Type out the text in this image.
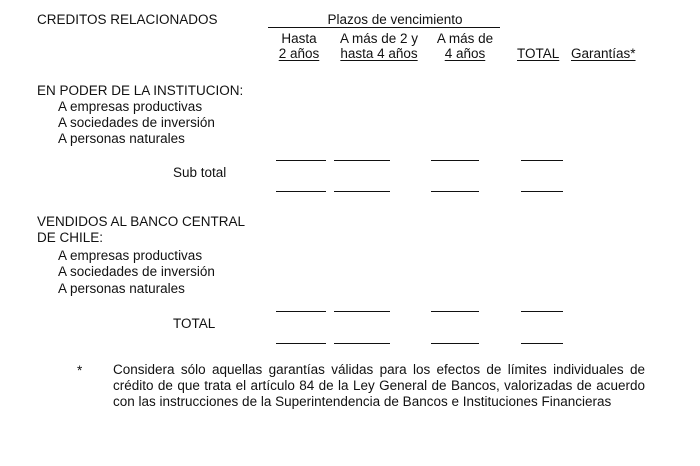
CREDITOS RELACIONADOS	Plazos de vencimiento
Hasta
2 años
A más de 2 y
hasta 4 años
A más de
4 años	TOTAL Garantías*
EN PODER DE LA INSTITUCION:
A empresas productivas
A sociedades de inversión
A personas naturales
Sub total
VENDIDOS AL BANCO CENTRAL
DE CHILE:
A empresas productivas
A sociedades de inversión
A personas naturales
TOTAL
* Considera sólo aquellas garantías válidas para los efectos de límites individuales de crédito de que trata el artículo 84 de la Ley General de Bancos, valorizadas de acuerdo con las instrucciones de la Superintendencia de Bancos e Instituciones Financieras
